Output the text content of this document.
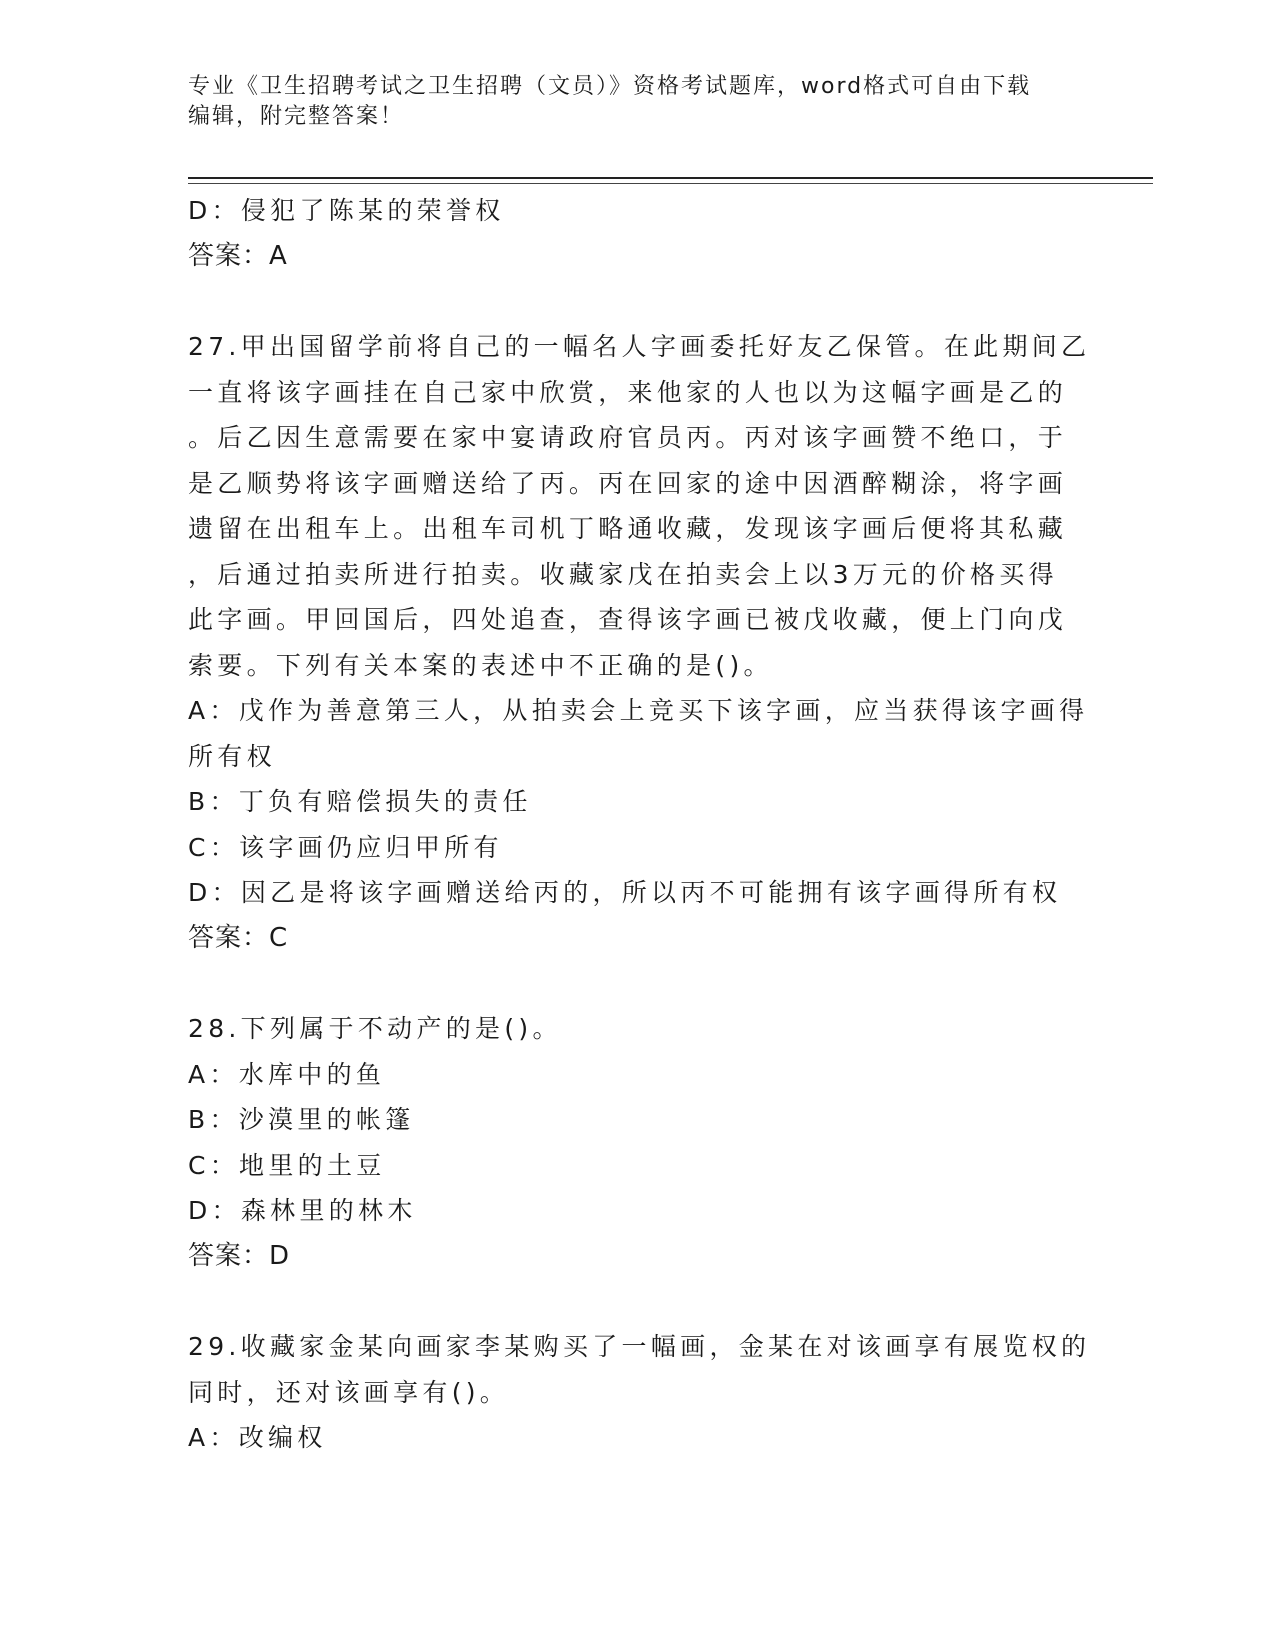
专业《卫生招聘考试之卫生招聘（文员）》资格考试题库，word格式可自由下载
编辑，附完整答案！
D：侵犯了陈某的荣誉权
答案：A
27.甲出国留学前将自己的一幅名人字画委托好友乙保管。在此期间乙
一直将该字画挂在自己家中欣赏，来他家的人也以为这幅字画是乙的
。后乙因生意需要在家中宴请政府官员丙。丙对该字画赞不绝口，于
是乙顺势将该字画赠送给了丙。丙在回家的途中因酒醉糊涂，将字画
遗留在出租车上。出租车司机丁略通收藏，发现该字画后便将其私藏
，后通过拍卖所进行拍卖。收藏家戊在拍卖会上以3万元的价格买得
此字画。甲回国后，四处追查，查得该字画已被戊收藏，便上门向戊
索要。下列有关本案的表述中不正确的是()。
A：戊作为善意第三人，从拍卖会上竞买下该字画，应当获得该字画得
所有权
B：丁负有赔偿损失的责任
C：该字画仍应归甲所有
D：因乙是将该字画赠送给丙的，所以丙不可能拥有该字画得所有权
答案：C
28.下列属于不动产的是()。
A：水库中的鱼
B：沙漠里的帐篷
C：地里的土豆
D：森林里的林木
答案：D
29.收藏家金某向画家李某购买了一幅画，金某在对该画享有展览权的
同时，还对该画享有()。
A：改编权
